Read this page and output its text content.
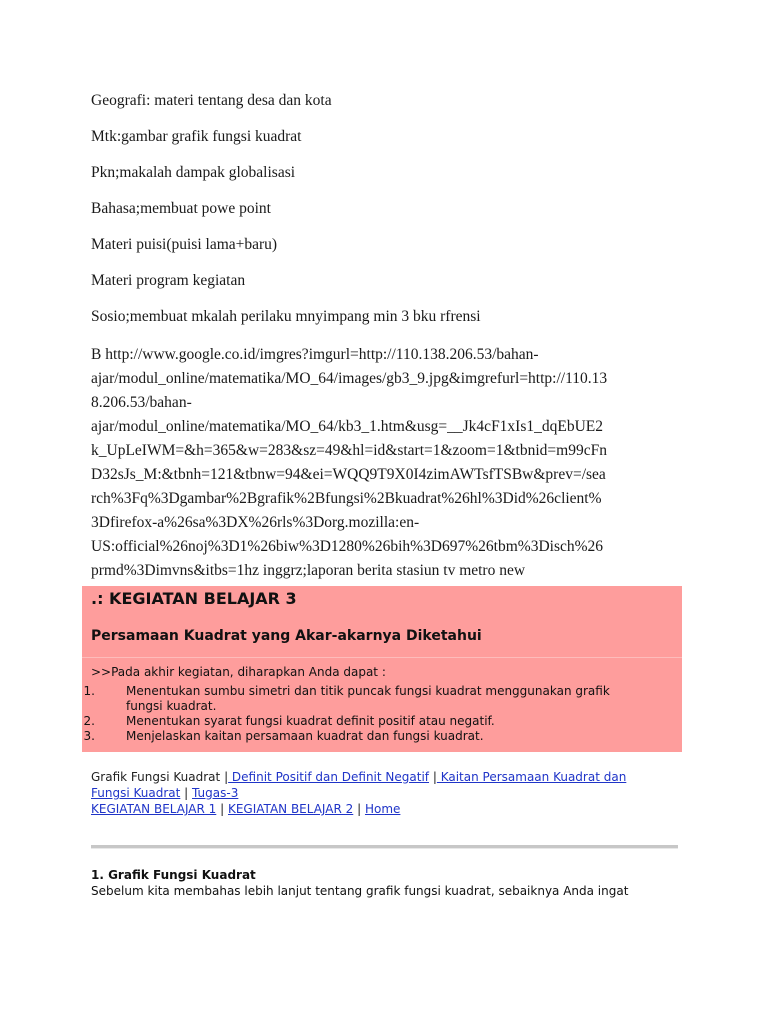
Geografi: materi tentang desa dan kota
Mtk:gambar grafik fungsi kuadrat
Pkn;makalah dampak globalisasi
Bahasa;membuat powe point
Materi puisi(puisi lama+baru)
Materi program kegiatan
Sosio;membuat mkalah perilaku mnyimpang min 3 bku rfrensi
B http://www.google.co.id/imgres?imgurl=http://110.138.206.53/bahan-
ajar/modul_online/matematika/MO_64/images/gb3_9.jpg&imgrefurl=http://110.13
8.206.53/bahan-
ajar/modul_online/matematika/MO_64/kb3_1.htm&usg=__Jk4cF1xIs1_dqEbUE2
k_UpLeIWM=&h=365&w=283&sz=49&hl=id&start=1&zoom=1&tbnid=m99cFn
D32sJs_M:&tbnh=121&tbnw=94&ei=WQQ9T9X0I4zimAWTsfTSBw&prev=/sea
rch%3Fq%3Dgambar%2Bgrafik%2Bfungsi%2Bkuadrat%26hl%3Did%26client%
3Dfirefox-a%26sa%3DX%26rls%3Dorg.mozilla:en-
US:official%26noj%3D1%26biw%3D1280%26bih%3D697%26tbm%3Disch%26
prmd%3Dimvns&itbs=1hz inggrz;laporan berita stasiun tv metro new
.: KEGIATAN BELAJAR 3
Persamaan Kuadrat yang Akar-akarnya Diketahui
>>Pada akhir kegiatan, diharapkan Anda dapat :
1.	Menentukan sumbu simetri dan titik puncak fungsi kuadrat menggunakan grafik
fungsi kuadrat.
2.	Menentukan syarat fungsi kuadrat definit positif atau negatif.
3.	Menjelaskan kaitan persamaan kuadrat dan fungsi kuadrat.
Grafik Fungsi Kuadrat | Definit Positif dan Definit Negatif | Kaitan Persamaan Kuadrat dan
Fungsi Kuadrat | Tugas-3
KEGIATAN BELAJAR 1 | KEGIATAN BELAJAR 2 | Home
1. Grafik Fungsi Kuadrat
Sebelum kita membahas lebih lanjut tentang grafik fungsi kuadrat, sebaiknya Anda ingat
